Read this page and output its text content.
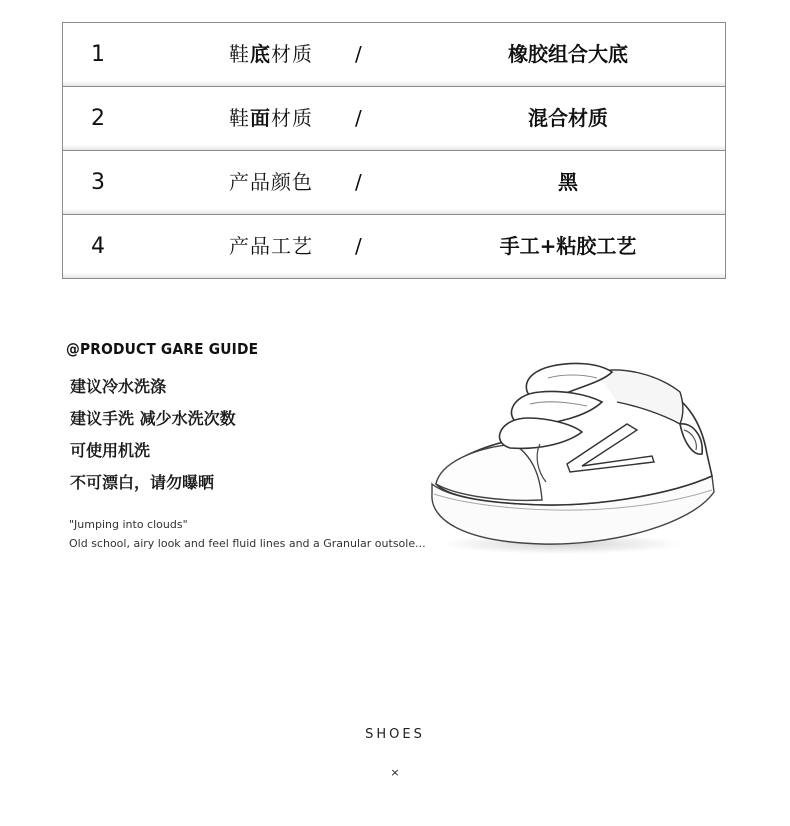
1	鞋底材质 /	橡胶组合大底
2	鞋面材质 /	混合材质
3	产品颜色 /	黑
4	产品工艺 /	手工+粘胶工艺
@PRODUCT GARE GUIDE
建议冷水洗涤
建议手洗 减少水洗次数
可使用机洗
不可漂白，请勿曝晒
"Jumping into clouds"
Old school, airy look and feel fluid lines and a Granular outsole...
SHOES
×
